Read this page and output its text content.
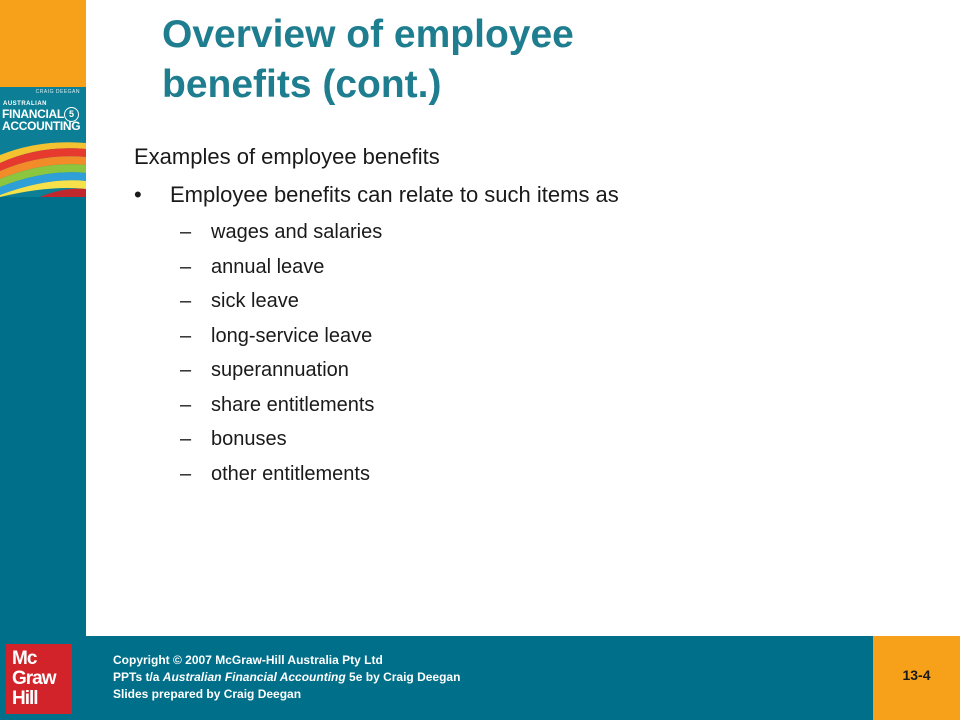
CRAIG DEEGAN
AUSTRALIAN
FINANCIAL
ACCOUNTING
5
Overview of employee
benefits (cont.)
Examples of employee benefits
• Employee benefits can relate to such items as
– wages and salaries
– annual leave
– sick leave
– long-service leave
– superannuation
– share entitlements
– bonuses
– other entitlements
Mc
Graw
Hill
Copyright © 2007 McGraw-Hill Australia Pty Ltd
PPTs t/a Australian Financial Accounting 5e by Craig Deegan
Slides prepared by Craig Deegan
13-4
